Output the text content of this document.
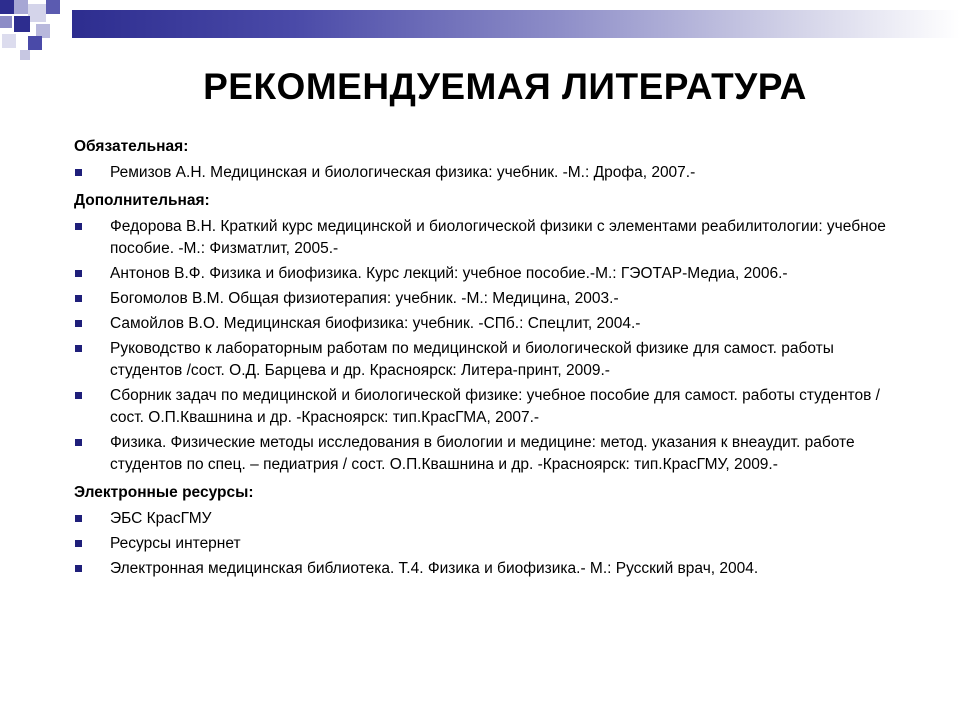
РЕКОМЕНДУЕМАЯ ЛИТЕРАТУРА
Обязательная:
Ремизов А.Н. Медицинская и биологическая физика: учебник. -М.: Дрофа, 2007.-
Дополнительная:
Федорова В.Н. Краткий курс медицинской и биологической физики с элементами реабилитологии: учебное пособие. -М.: Физматлит, 2005.-
Антонов В.Ф. Физика и биофизика. Курс лекций: учебное пособие.-М.: ГЭОТАР-Медиа, 2006.-
Богомолов В.М. Общая физиотерапия: учебник. -М.: Медицина, 2003.-
Самойлов В.О. Медицинская биофизика: учебник. -СПб.: Спецлит, 2004.-
Руководство к лабораторным работам по медицинской и биологической физике для самост. работы студентов /сост. О.Д. Барцева и др. Красноярск: Литера-принт, 2009.-
Сборник задач по медицинской и биологической физике: учебное пособие для самост. работы студентов / сост. О.П.Квашнина и др. -Красноярск: тип.КрасГМА, 2007.-
Физика. Физические методы исследования в биологии и медицине: метод. указания к внеаудит. работе студентов по спец. – педиатрия / сост. О.П.Квашнина и др. -Красноярск: тип.КрасГМУ, 2009.-
Электронные ресурсы:
ЭБС КрасГМУ
Ресурсы интернет
Электронная медицинская библиотека. Т.4. Физика и биофизика.- М.: Русский врач, 2004.
